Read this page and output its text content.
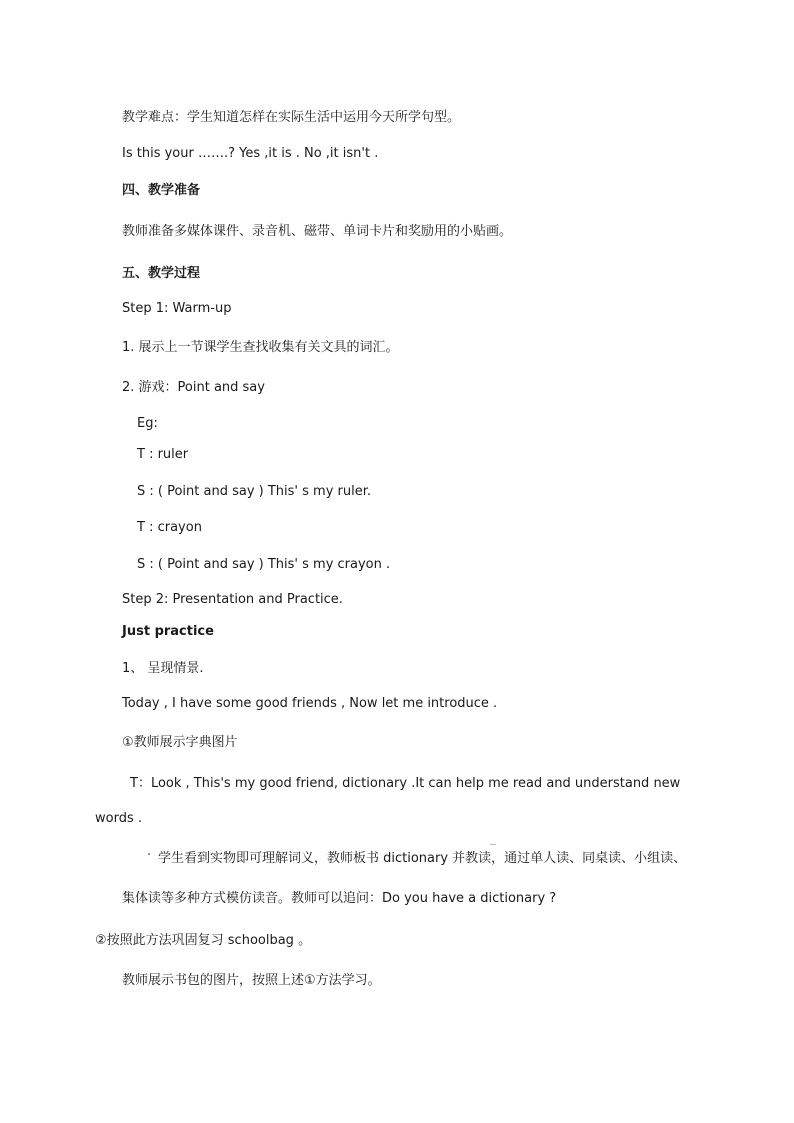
教学难点：学生知道怎样在实际生活中运用今天所学句型。
Is this your …….? Yes ,it is . No ,it isn't .
四、教学准备
教师准备多媒体课件、录音机、磁带、单词卡片和奖励用的小贴画。
五、教学过程
Step 1: Warm-up
1. 展示上一节课学生查找收集有关文具的词汇。
2. 游戏：Point and say
Eg:
T : ruler
S : ( Point and say ) This' s my ruler.
T : crayon
S : ( Point and say ) This' s my crayon .
Step 2: Presentation and Practice.
Just practice
1、 呈现情景.
Today , I have some good friends , Now let me introduce .
①教师展示字典图片
T：Look , This's my good friend, dictionary .It can help me read and understand new
words .
学生看到实物即可理解词义，教师板书 dictionary 并教读，通过单人读、同桌读、小组读、
集体读等多种方式模仿读音。教师可以追问：Do you have a dictionary ?
②按照此方法巩固复习 schoolbag 。
教师展示书包的图片，按照上述①方法学习。
